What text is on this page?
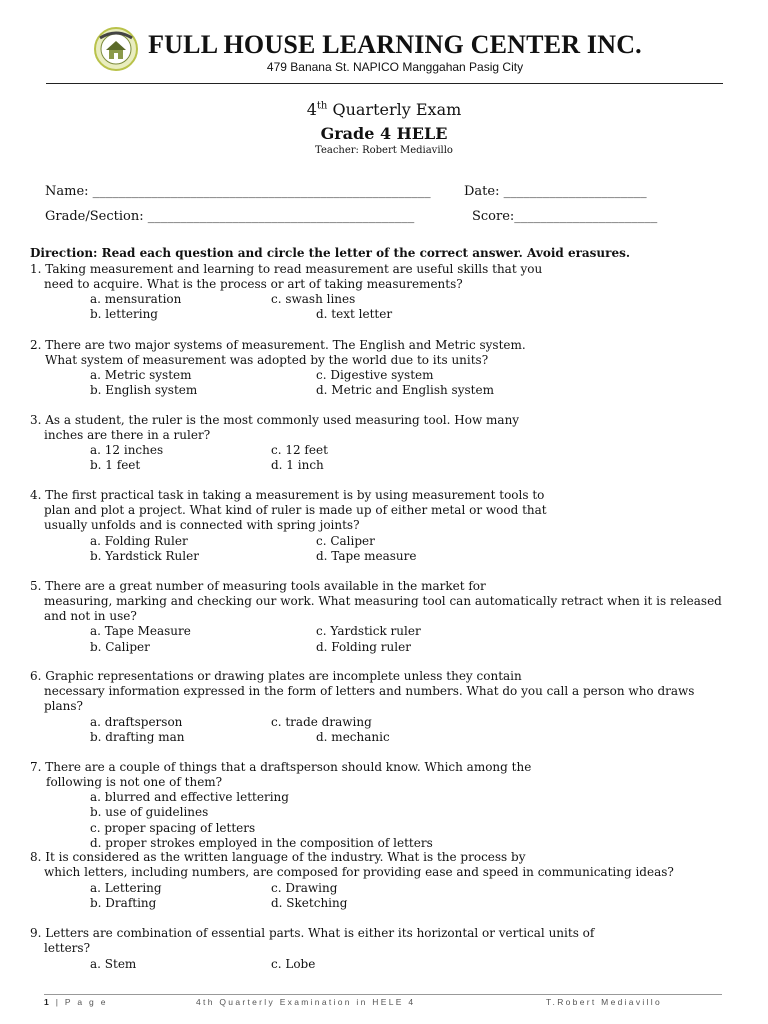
FULL HOUSE LEARNING CENTER INC.
479 Banana St. NAPICO Manggahan Pasig City
4th Quarterly Exam
Grade 4 HELE
Teacher: Robert Mediavillo
Name: ____________________________________________________	Date: ______________________
Grade/Section: _________________________________________	Score:______________________
Direction: Read each question and circle the letter of the correct answer. Avoid erasures.
1. Taking measurement and learning to read measurement are useful skills that you
need to acquire. What is the process or art of taking measurements?
a. mensuration	c. swash lines
b. lettering	d. text letter
2. There are two major systems of measurement. The English and Metric system.
What system of measurement was adopted by the world due to its units?
a. Metric system	c. Digestive system
b. English system	d. Metric and English system
3. As a student, the ruler is the most commonly used measuring tool. How many
inches are there in a ruler?
a. 12 inches	c. 12 feet
b. 1 feet	d. 1 inch
4. The first practical task in taking a measurement is by using measurement tools to
plan and plot a project. What kind of ruler is made up of either metal or wood that
usually unfolds and is connected with spring joints?
a. Folding Ruler	c. Caliper
b. Yardstick Ruler	d. Tape measure
5. There are a great number of measuring tools available in the market for
measuring, marking and checking our work. What measuring tool can automatically retract when it is released
and not in use?
a. Tape Measure	c. Yardstick ruler
b. Caliper	d. Folding ruler
6. Graphic representations or drawing plates are incomplete unless they contain
necessary information expressed in the form of letters and numbers. What do you call a person who draws
plans?
a. draftsperson	c. trade drawing
b. drafting man	d. mechanic
7. There are a couple of things that a draftsperson should know. Which among the
following is not one of them?
a. blurred and effective lettering
b. use of guidelines
c. proper spacing of letters
d. proper strokes employed in the composition of letters
8. It is considered as the written language of the industry. What is the process by
which letters, including numbers, are composed for providing ease and speed in communicating ideas?
a. Lettering	c. Drawing
b. Drafting	d. Sketching
9. Letters are combination of essential parts. What is either its horizontal or vertical units of
letters?
a. Stem	c. Lobe
1 | P a g e	4th Quarterly Examination in HELE 4	T.Robert Mediavillo
